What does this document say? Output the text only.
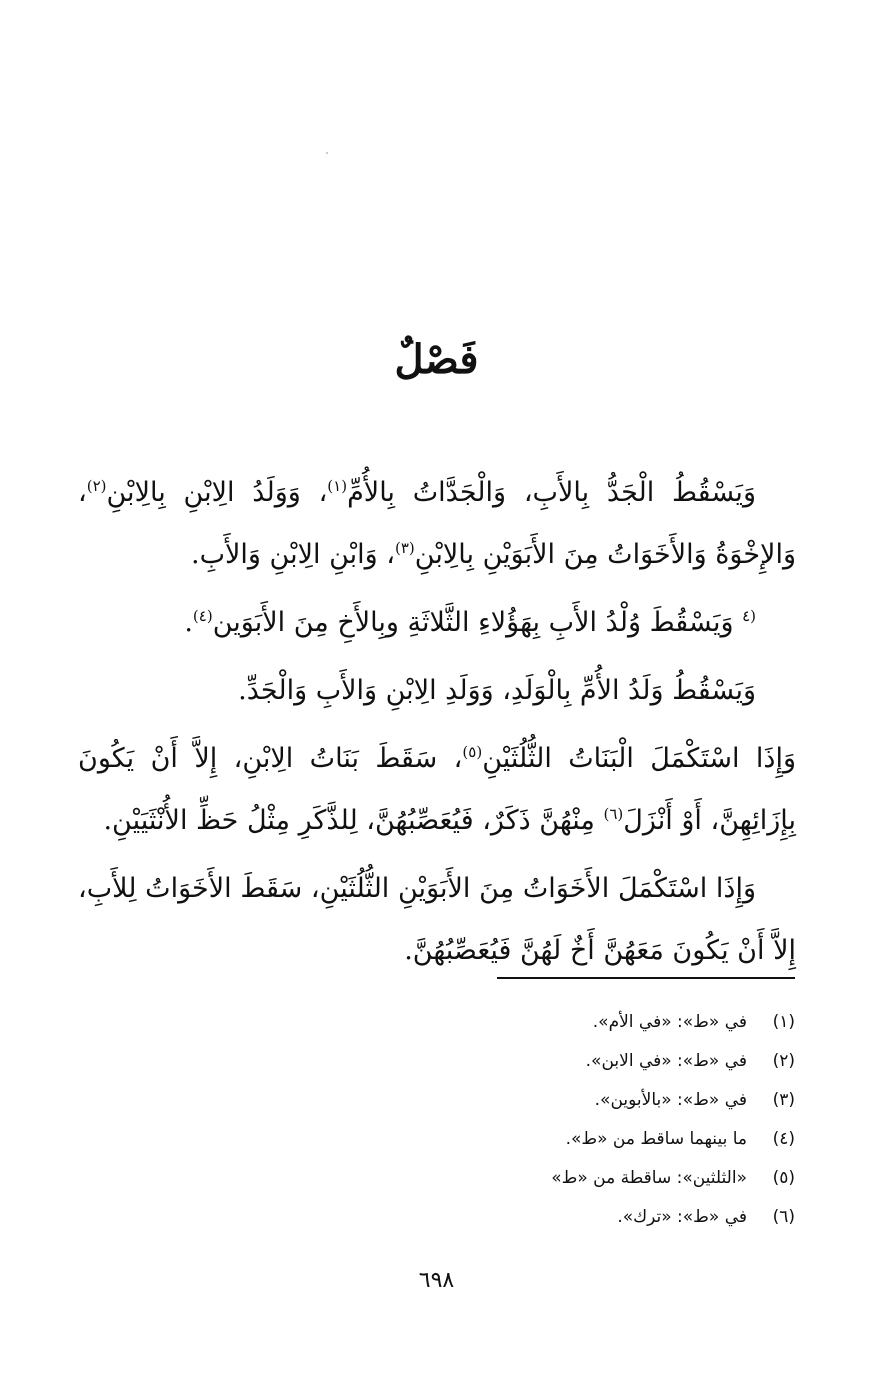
فَصْلٌ

وَيَسْقُطُ الْجَدُّ بِالأَبِ، وَالْجَدَّاتُ بِالأُمِّ$^{(١)}$، وَوَلَدُ الِابْنِ بِالِابْنِ$^{(٢)}$، وَالإِخْوَةُ وَالأَخَوَاتُ مِنَ الأَبَوَيْنِ بِالِابْنِ$^{(٣)}$، وَابْنِ الِابْنِ وَالأَبِ.

$^{(٤}$ وَيَسْقُطَ وُلْدُ الأَبِ بِهَؤُلاءِ الثَّلاثَةِ وبِالأَخِ مِنَ الأَبَوَين$^{(٤)}$.

وَيَسْقُطُ وَلَدُ الأُمِّ بِالْوَلَدِ، وَوَلَدِ الِابْنِ وَالأَبِ وَالْجَدِّ.

وَإِذَا اسْتَكْمَلَ الْبَنَاتُ الثُّلُثَيْنِ$^{(٥)}$، سَقَطَ بَنَاتُ الِابْنِ، إِلاَّ أَنْ يَكُونَ بِإِزَائِهِنَّ، أَوْ أَنْزَلَ$^{(٦)}$ مِنْهُنَّ ذَكَرٌ، فَيُعَصِّبُهُنَّ، لِلذَّكَرِ مِثْلُ حَظِّ الأُنْثَيَيْنِ.

وَإِذَا اسْتَكْمَلَ الأَخَوَاتُ مِنَ الأَبَوَيْنِ الثُّلُثَيْنِ، سَقَطَ الأَخَوَاتُ لِلأَبِ، إِلاَّ أَنْ يَكُونَ مَعَهُنَّ أَخٌ لَهُنَّ فَيُعَصِّبُهُنَّ.

(١)
في «ط»: «في الأم».
(٢)
في «ط»: «في الابن».
(٣)
في «ط»: «بالأبوين».
(٤)
ما بينهما ساقط من «ط».
(٥)
«الثلثين»: ساقطة من «ط»
(٦)
في «ط»: «ترك».
٦٩٨
